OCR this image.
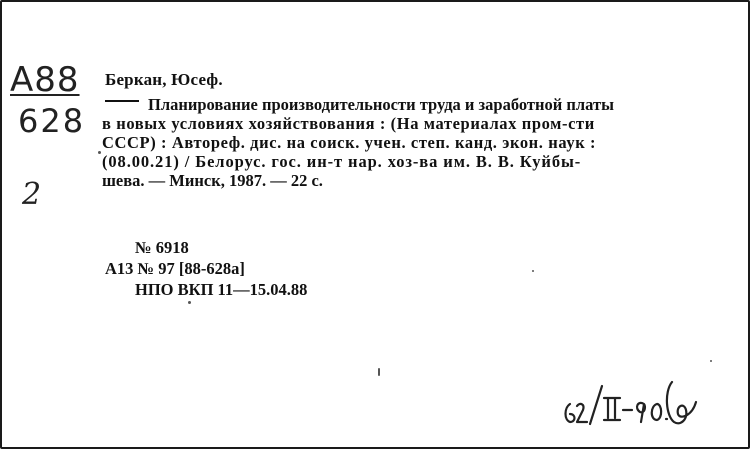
A88
628
2
Беркан, Юсеф.
Планирование производительности труда и заработной платы
в новых условиях хозяйствования : (На материалах пром-сти
СССР) : Автореф. дис. на соиск. учен. степ. канд. экон. наук :
(08.00.21) / Белорус. гос. ин-т нар. хоз-ва им. В. В. Куйбы-
шева. — Минск, 1987. — 22 с.
№ 6918
А13 № 97 [88-628а]
НПО ВКП 11—15.04.88
